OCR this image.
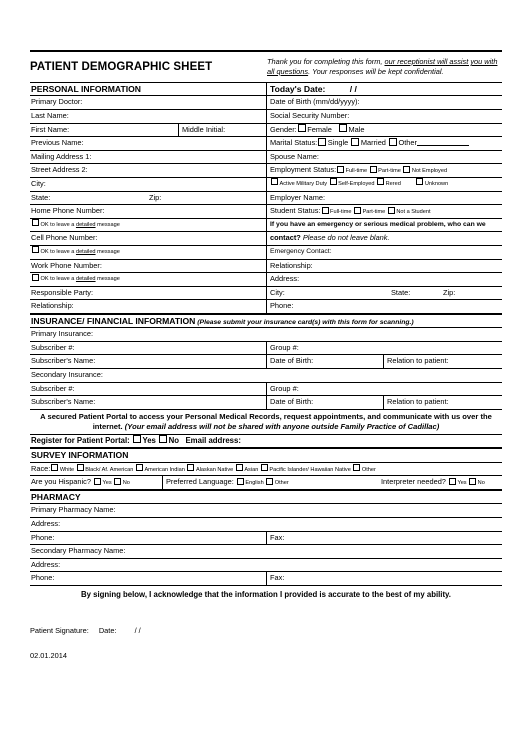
PATIENT DEMOGRAPHIC SHEET	Thank you for completing this form, our receptionist will assist you with all questions. Your responses will be kept confidential.
PERSONAL INFORMATION	Today's Date:	/ /
Primary Doctor:	Date of Birth (mm/dd/yyyy):
Last Name:	Social Security Number:
First Name:	Middle Initial:	Gender: Female Male
Previous Name:	Marital Status: Single Married Other
Mailing Address 1:	Spouse Name:
Street Address 2:	Employment Status: Full-time Part-time Not Employed
City:	Active Military Duty Self-Employed Rered	Unknown
State:	Zip:	Employer Name:
Home Phone Number:	Student Status: Full-time Part-time Not a Student
OK to leave a detailed message	If you have an emergency or serious medical problem, who can we
Cell Phone Number:	contact? Please do not leave blank.
OK to leave a detailed message	Emergency Contact:
Work Phone Number:	Relationship:
OK to leave a detailed message	Address:
Responsible Party:	City:	State:	Zip:
Relationship:	Phone:
INSURANCE/ FINANCIAL INFORMATION (Please submit your insurance card(s) with this form for scanning.)
Primary Insurance:
Subscriber #:	Group #:
Subscriber's Name:	Date of Birth:	Relation to patient:
Secondary Insurance:
Subscriber #:	Group #:
Subscriber's Name:	Date of Birth:	Relation to patient:
A secured Patient Portal to access your Personal Medical Records, request appointments, and communicate with us over the
internet. (Your email address will not be shared with anyone outside Family Practice of Cadillac)
Register for Patient Portal: Yes No Email address:
SURVEY INFORMATION
Race: White Black/ Af. American American Indian Alaskan Native Asian Pacific Islander/ Hawaiian Native Other
Are you Hispanic? Yes No	Preferred Language: English Other	Interpreter needed? Yes No
PHARMACY
Primary Pharmacy Name:
Address:
Phone:	Fax:
Secondary Pharmacy Name:
Address:
Phone:	Fax:
By signing below, I acknowledge that the information I provided is accurate to the best of my ability.
Patient Signature: Date: / /
02.01.2014
